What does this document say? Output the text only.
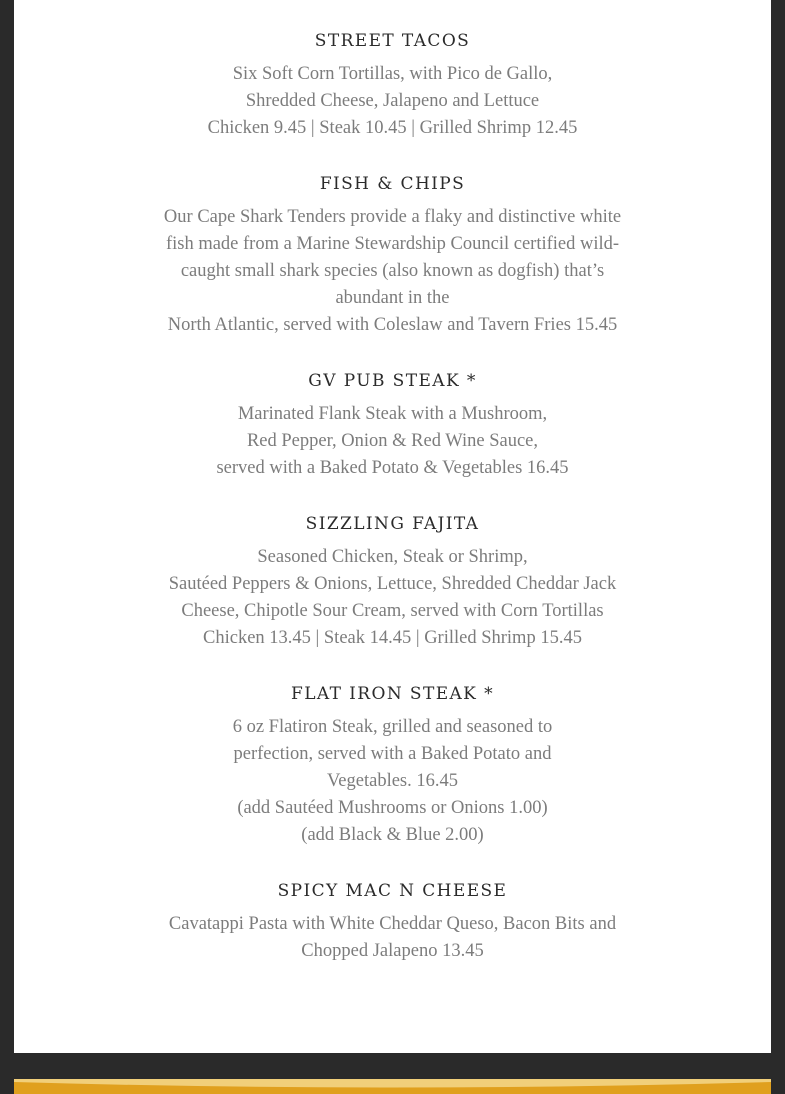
STREET TACOS
Six Soft Corn Tortillas, with Pico de Gallo,
Shredded Cheese, Jalapeno and Lettuce
Chicken 9.45 | Steak 10.45 | Grilled Shrimp 12.45
FISH & CHIPS
Our Cape Shark Tenders provide a flaky and distinctive white
fish made from a Marine Stewardship Council certified wild-
caught small shark species (also known as dogfish) that’s
abundant in the
North Atlantic, served with Coleslaw and Tavern Fries 15.45
GV PUB STEAK *
Marinated Flank Steak with a Mushroom,
Red Pepper, Onion & Red Wine Sauce,
served with a Baked Potato & Vegetables 16.45
SIZZLING FAJITA
Seasoned Chicken, Steak or Shrimp,
Sautéed Peppers & Onions, Lettuce, Shredded Cheddar Jack
Cheese, Chipotle Sour Cream, served with Corn Tortillas
Chicken 13.45 | Steak 14.45 | Grilled Shrimp 15.45
FLAT IRON STEAK *
6 oz Flatiron Steak, grilled and seasoned to
perfection, served with a Baked Potato and
Vegetables. 16.45
(add Sautéed Mushrooms or Onions 1.00)
(add Black & Blue 2.00)
SPICY MAC N CHEESE
Cavatappi Pasta with White Cheddar Queso, Bacon Bits and
Chopped Jalapeno 13.45
